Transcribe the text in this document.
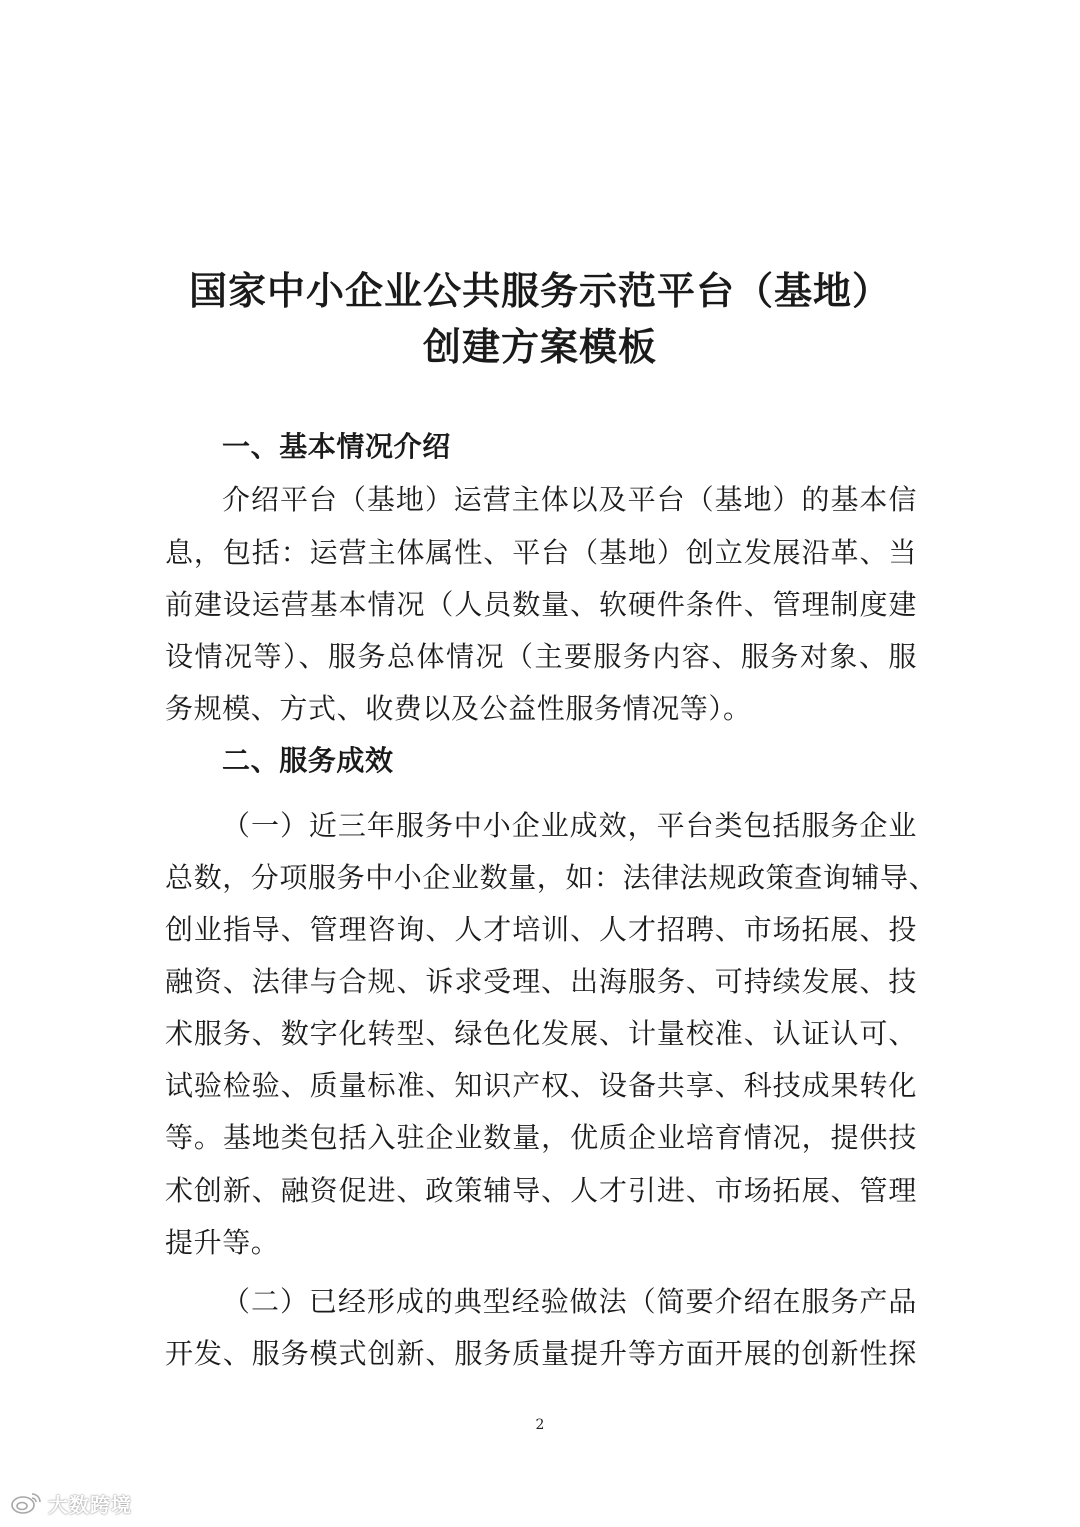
国家中小企业公共服务示范平台（基地）
创建方案模板
一、基本情况介绍
介绍平台（基地）运营主体以及平台（基地）的基本信
息，包括：运营主体属性、平台（基地）创立发展沿革、当
前建设运营基本情况（人员数量、软硬件条件、管理制度建
设情况等）、服务总体情况（主要服务内容、服务对象、服
务规模、方式、收费以及公益性服务情况等）。
二、服务成效
（一）近三年服务中小企业成效，平台类包括服务企业
总数，分项服务中小企业数量，如：法律法规政策查询辅导、
创业指导、管理咨询、人才培训、人才招聘、市场拓展、投
融资、法律与合规、诉求受理、出海服务、可持续发展、技
术服务、数字化转型、绿色化发展、计量校准、认证认可、
试验检验、质量标准、知识产权、设备共享、科技成果转化
等。基地类包括入驻企业数量，优质企业培育情况，提供技
术创新、融资促进、政策辅导、人才引进、市场拓展、管理
提升等。
（二）已经形成的典型经验做法（简要介绍在服务产品
开发、服务模式创新、服务质量提升等方面开展的创新性探
2
大数跨境
